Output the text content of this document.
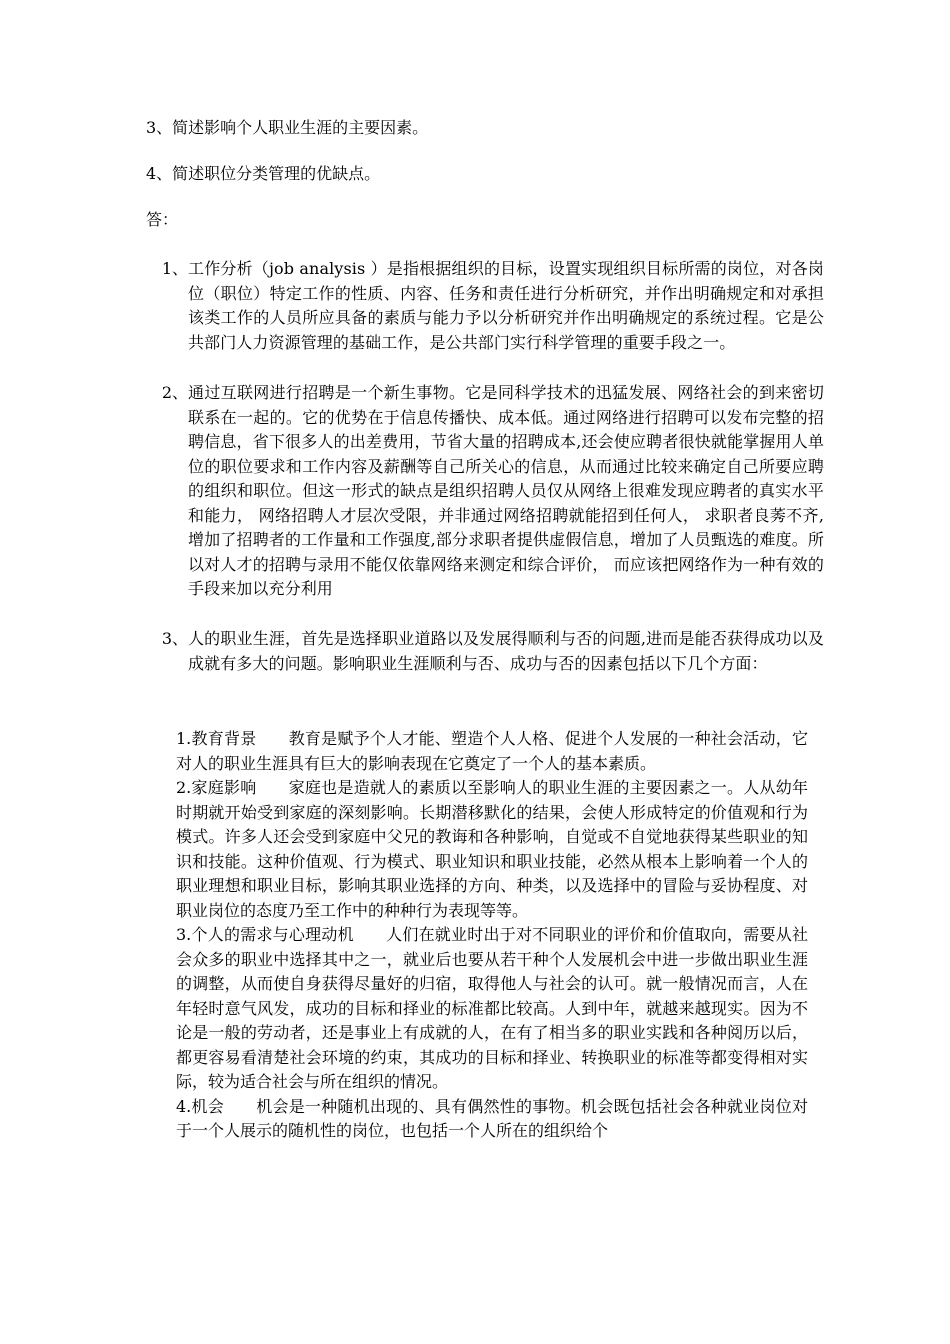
3、简述影响个人职业生涯的主要因素。
4、简述职位分类管理的优缺点。
答：
1、 工作分析（job analysis ）是指根据组织的目标，设置实现组织目标所需的岗位，对各岗位（职位）特定工作的性质、内容、任务和责任进行分析研究，并作出明确规定和对承担该类工作的人员所应具备的素质与能力予以分析研究并作出明确规定的系统过程。它是公共部门人力资源管理的基础工作，是公共部门实行科学管理的重要手段之一。
2、 通过互联网进行招聘是一个新生事物。它是同科学技术的迅猛发展、网络社会的到来密切联系在一起的。它的优势在于信息传播快、成本低。通过网络进行招聘可以发布完整的招聘信息，省下很多人的出差费用，节省大量的招聘成本,还会使应聘者很快就能掌握用人单位的职位要求和工作内容及薪酬等自己所关心的信息，从而通过比较来确定自己所要应聘的组织和职位。但这一形式的缺点是组织招聘人员仅从网络上很难发现应聘者的真实水平和能力， 网络招聘人才层次受限，并非通过网络招聘就能招到任何人， 求职者良莠不齐,增加了招聘者的工作量和工作强度,部分求职者提供虚假信息，增加了人员甄选的难度。所以对人才的招聘与录用不能仅依靠网络来测定和综合评价， 而应该把网络作为一种有效的手段来加以充分利用
3、 人的职业生涯，首先是选择职业道路以及发展得顺利与否的问题,进而是能否获得成功以及成就有多大的问题。影响职业生涯顺利与否、成功与否的因素包括以下几个方面：

1.教育背景   教育是赋予个人才能、塑造个人人格、促进个人发展的一种社会活动，它对人的职业生涯具有巨大的影响表现在它奠定了一个人的基本素质。

2.家庭影响   家庭也是造就人的素质以至影响人的职业生涯的主要因素之一。人从幼年时期就开始受到家庭的深刻影响。长期潜移默化的结果，会使人形成特定的价值观和行为模式。许多人还会受到家庭中父兄的教诲和各种影响，自觉或不自觉地获得某些职业的知识和技能。这种价值观、行为模式、职业知识和职业技能，必然从根本上影响着一个人的职业理想和职业目标，影响其职业选择的方向、种类，以及选择中的冒险与妥协程度、对职业岗位的态度乃至工作中的种种行为表现等等。

3.个人的需求与心理动机   人们在就业时出于对不同职业的评价和价值取向，需要从社会众多的职业中选择其中之一，就业后也要从若干种个人发展机会中进一步做出职业生涯的调整，从而使自身获得尽量好的归宿，取得他人与社会的认可。就一般情况而言，人在年轻时意气风发，成功的目标和择业的标准都比较高。人到中年，就越来越现实。因为不论是一般的劳动者，还是事业上有成就的人，在有了相当多的职业实践和各种阅历以后，都更容易看清楚社会环境的约束，其成功的目标和择业、转换职业的标准等都变得相对实际，较为适合社会与所在组织的情况。

4.机会   机会是一种随机出现的、具有偶然性的事物。机会既包括社会各种就业岗位对于一个人展示的随机性的岗位，也包括一个人所在的组织给个
